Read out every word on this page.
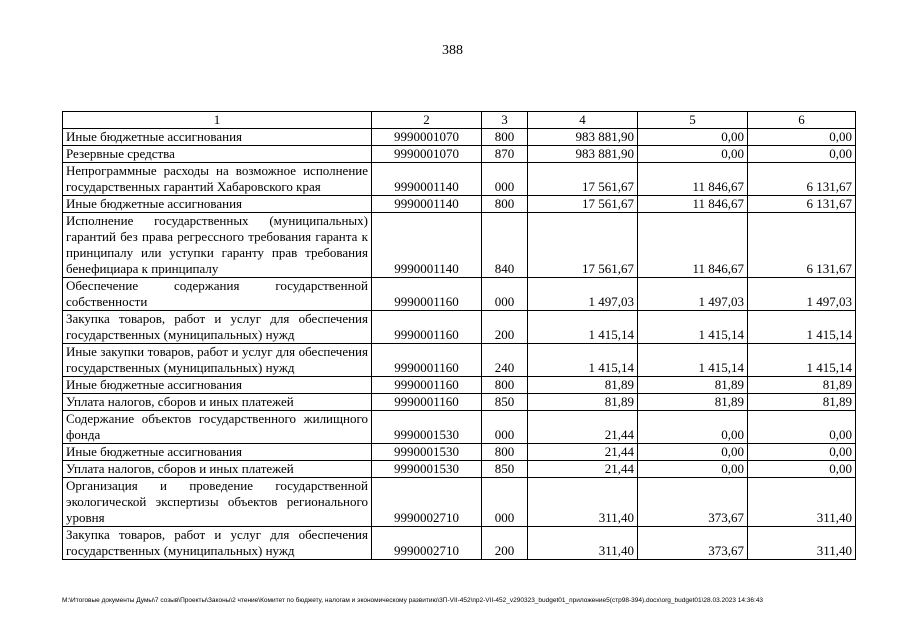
388
1	2	3	4	5	6
Иные бюджетные ассигнования	9990001070	800	983 881,90	0,00	0,00
Резервные средства	9990001070	870	983 881,90	0,00	0,00
Непрограммные расходы на возможное исполнение государственных гарантий Хабаровского края	9990001140	000	17 561,67	11 846,67	6 131,67
Иные бюджетные ассигнования	9990001140	800	17 561,67	11 846,67	6 131,67
Исполнение государственных (муниципальных) гарантий без права регрессного требования гаранта к принципалу или уступки гаранту прав требования бенефициара к принципалу	9990001140	840	17 561,67	11 846,67	6 131,67
Обеспечение содержания государственной собственности	9990001160	000	1 497,03	1 497,03	1 497,03
Закупка товаров, работ и услуг для обеспечения государственных (муниципальных) нужд	9990001160	200	1 415,14	1 415,14	1 415,14
Иные закупки товаров, работ и услуг для обеспечения государственных (муниципальных) нужд	9990001160	240	1 415,14	1 415,14	1 415,14
Иные бюджетные ассигнования	9990001160	800	81,89	81,89	81,89
Уплата налогов, сборов и иных платежей	9990001160	850	81,89	81,89	81,89
Содержание объектов государственного жилищного фонда	9990001530	000	21,44	0,00	0,00
Иные бюджетные ассигнования	9990001530	800	21,44	0,00	0,00
Уплата налогов, сборов и иных платежей	9990001530	850	21,44	0,00	0,00
Организация и проведение государственной экологической экспертизы объектов регионального уровня	9990002710	000	311,40	373,67	311,40
Закупка товаров, работ и услуг для обеспечения государственных (муниципальных) нужд	9990002710	200	311,40	373,67	311,40
M:\Итоговые документы Думы\7 созыв\Проекты\Законы\2 чтение\Комитет по бюджету, налогам и экономическому развитию\3П-VII-452\пр2-VII-452_v290323_budget01_приложение5(стр98-394).docx\org_budget01\28.03.2023 14:36:43
